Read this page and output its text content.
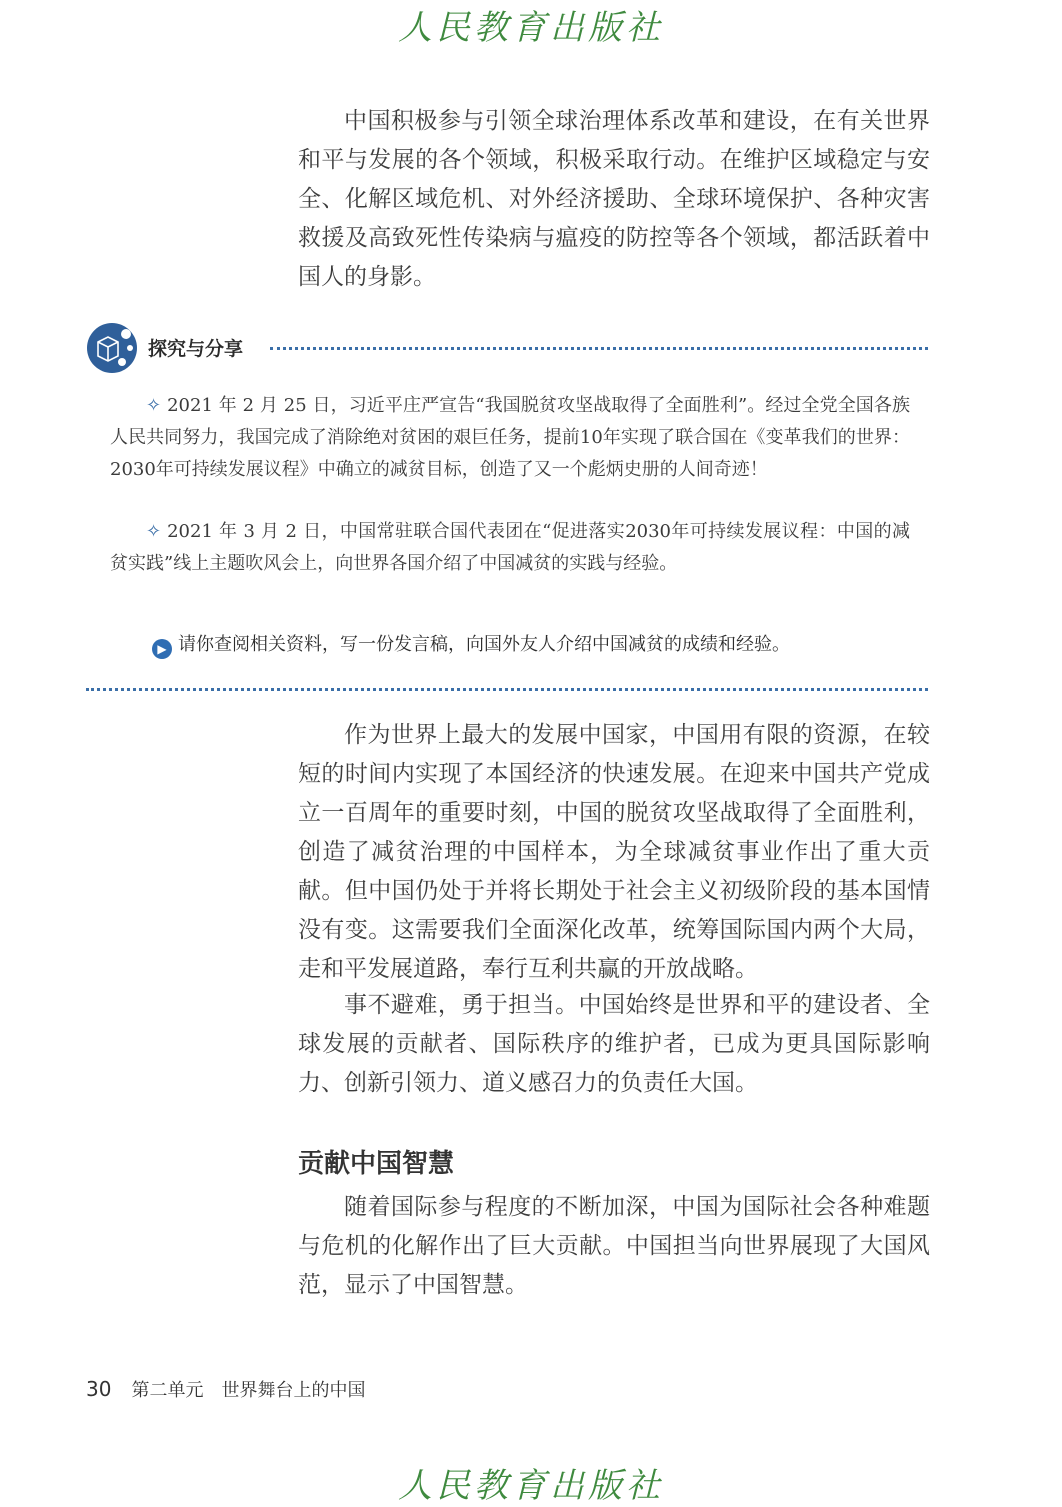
人民教育出版社

中国积极参与引领全球治理体系改革和建设，在有关世界和平与发展的各个领域，积极采取行动。在维护区域稳定与安全、化解区域危机、对外经济援助、全球环境保护、各种灾害救援及高致死性传染病与瘟疫的防控等各个领域，都活跃着中国人的身影。

探究与分享

✧ 2021 年 2 月 25 日，习近平庄严宣告“我国脱贫攻坚战取得了全面胜利”。经过全党全国各族人民共同努力，我国完成了消除绝对贫困的艰巨任务，提前10年实现了联合国在《变革我们的世界：2030年可持续发展议程》中确立的减贫目标，创造了又一个彪炳史册的人间奇迹！

✧ 2021 年 3 月 2 日，中国常驻联合国代表团在“促进落实2030年可持续发展议程：中国的减贫实践”线上主题吹风会上，向世界各国介绍了中国减贫的实践与经验。

▶ 请你查阅相关资料，写一份发言稿，向国外友人介绍中国减贫的成绩和经验。

作为世界上最大的发展中国家，中国用有限的资源，在较短的时间内实现了本国经济的快速发展。在迎来中国共产党成立一百周年的重要时刻，中国的脱贫攻坚战取得了全面胜利，创造了减贫治理的中国样本，为全球减贫事业作出了重大贡献。但中国仍处于并将长期处于社会主义初级阶段的基本国情没有变。这需要我们全面深化改革，统筹国际国内两个大局，走和平发展道路，奉行互利共赢的开放战略。

事不避难，勇于担当。中国始终是世界和平的建设者、全球发展的贡献者、国际秩序的维护者，已成为更具国际影响力、创新引领力、道义感召力的负责任大国。

贡献中国智慧

随着国际参与程度的不断加深，中国为国际社会各种难题与危机的化解作出了巨大贡献。中国担当向世界展现了大国风范，显示了中国智慧。

30 第二单元 世界舞台上的中国
人民教育出版社
